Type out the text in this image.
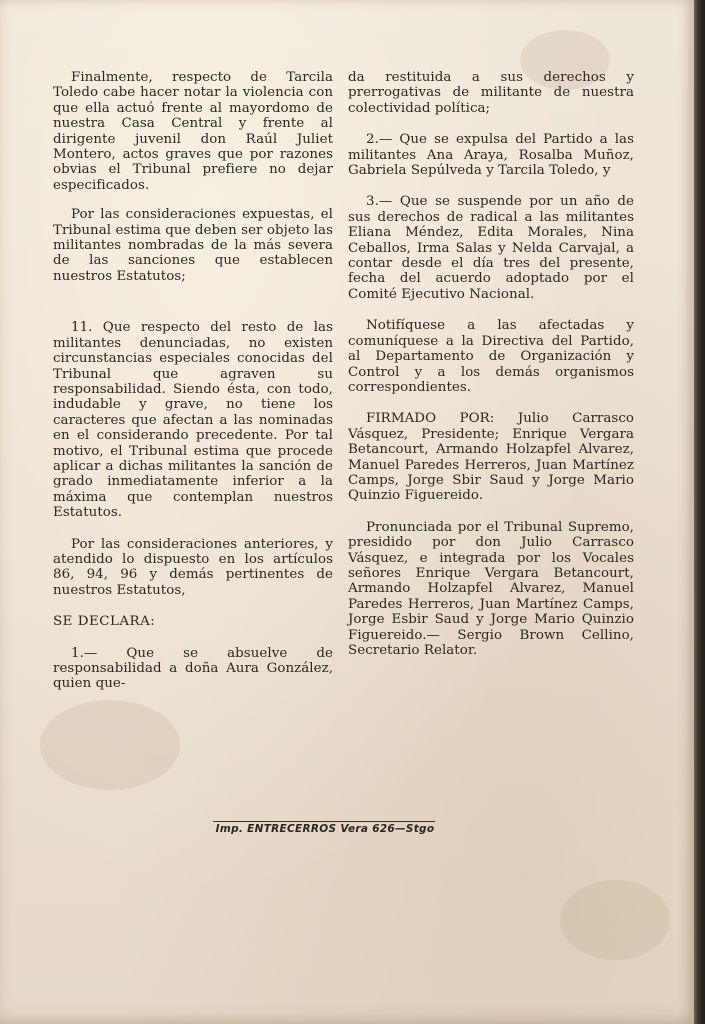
Finalmente, respecto de Tarcila Toledo cabe hacer notar la violencia con que ella actuó frente al mayordomo de nuestra Casa Central y frente al dirigente juvenil don Raúl Juliet Montero, actos graves que por razones obvias el Tribunal prefiere no dejar especificados.

Por las consideraciones expuestas, el Tribunal estima que deben ser objeto las militantes nombradas de la más severa de las sanciones que establecen nuestros Estatutos;

11. Que respecto del resto de las militantes denunciadas, no existen circunstancias especiales conocidas del Tribunal que agraven su responsabilidad. Siendo ésta, con todo, indudable y grave, no tiene los caracteres que afectan a las nominadas en el considerando precedente. Por tal motivo, el Tribunal estima que procede aplicar a dichas militantes la sanción de grado inmediatamente inferior a la máxima que contemplan nuestros Estatutos.

Por las consideraciones anteriores, y atendido lo dispuesto en los artículos 86, 94, 96 y demás pertinentes de nuestros Estatutos,

SE DECLARA:

1.— Que se absuelve de responsabilidad a doña Aura González, quien que-

da restituida a sus derechos y prerrogativas de militante de nuestra colectividad política;

2.— Que se expulsa del Partido a las militantes Ana Araya, Rosalba Muñoz, Gabriela Sepúlveda y Tarcila Toledo, y

3.— Que se suspende por un año de sus derechos de radical a las militantes Eliana Méndez, Edita Morales, Nina Ceballos, Irma Salas y Nelda Carvajal, a contar desde el día tres del presente, fecha del acuerdo adoptado por el Comité Ejecutivo Nacional.

Notifíquese a las afectadas y comuníquese a la Directiva del Partido, al Departamento de Organización y Control y a los demás organismos correspondientes.

FIRMADO POR: Julio Carrasco Vásquez, Presidente; Enrique Vergara Betancourt, Armando Holzapfel Alvarez, Manuel Paredes Herreros, Juan Martínez Camps, Jorge Sbir Saud y Jorge Mario Quinzio Figuereido.

Pronunciada por el Tribunal Supremo, presidido por don Julio Carrasco Vásquez, e integrada por los Vocales señores Enrique Vergara Betancourt, Armando Holzapfel Alvarez, Manuel Paredes Herreros, Juan Martínez Camps, Jorge Esbir Saud y Jorge Mario Quinzio Figuereido.— Sergio Brown Cellino, Secretario Relator.

Imp. ENTRECERROS Vera 626—Stgo
